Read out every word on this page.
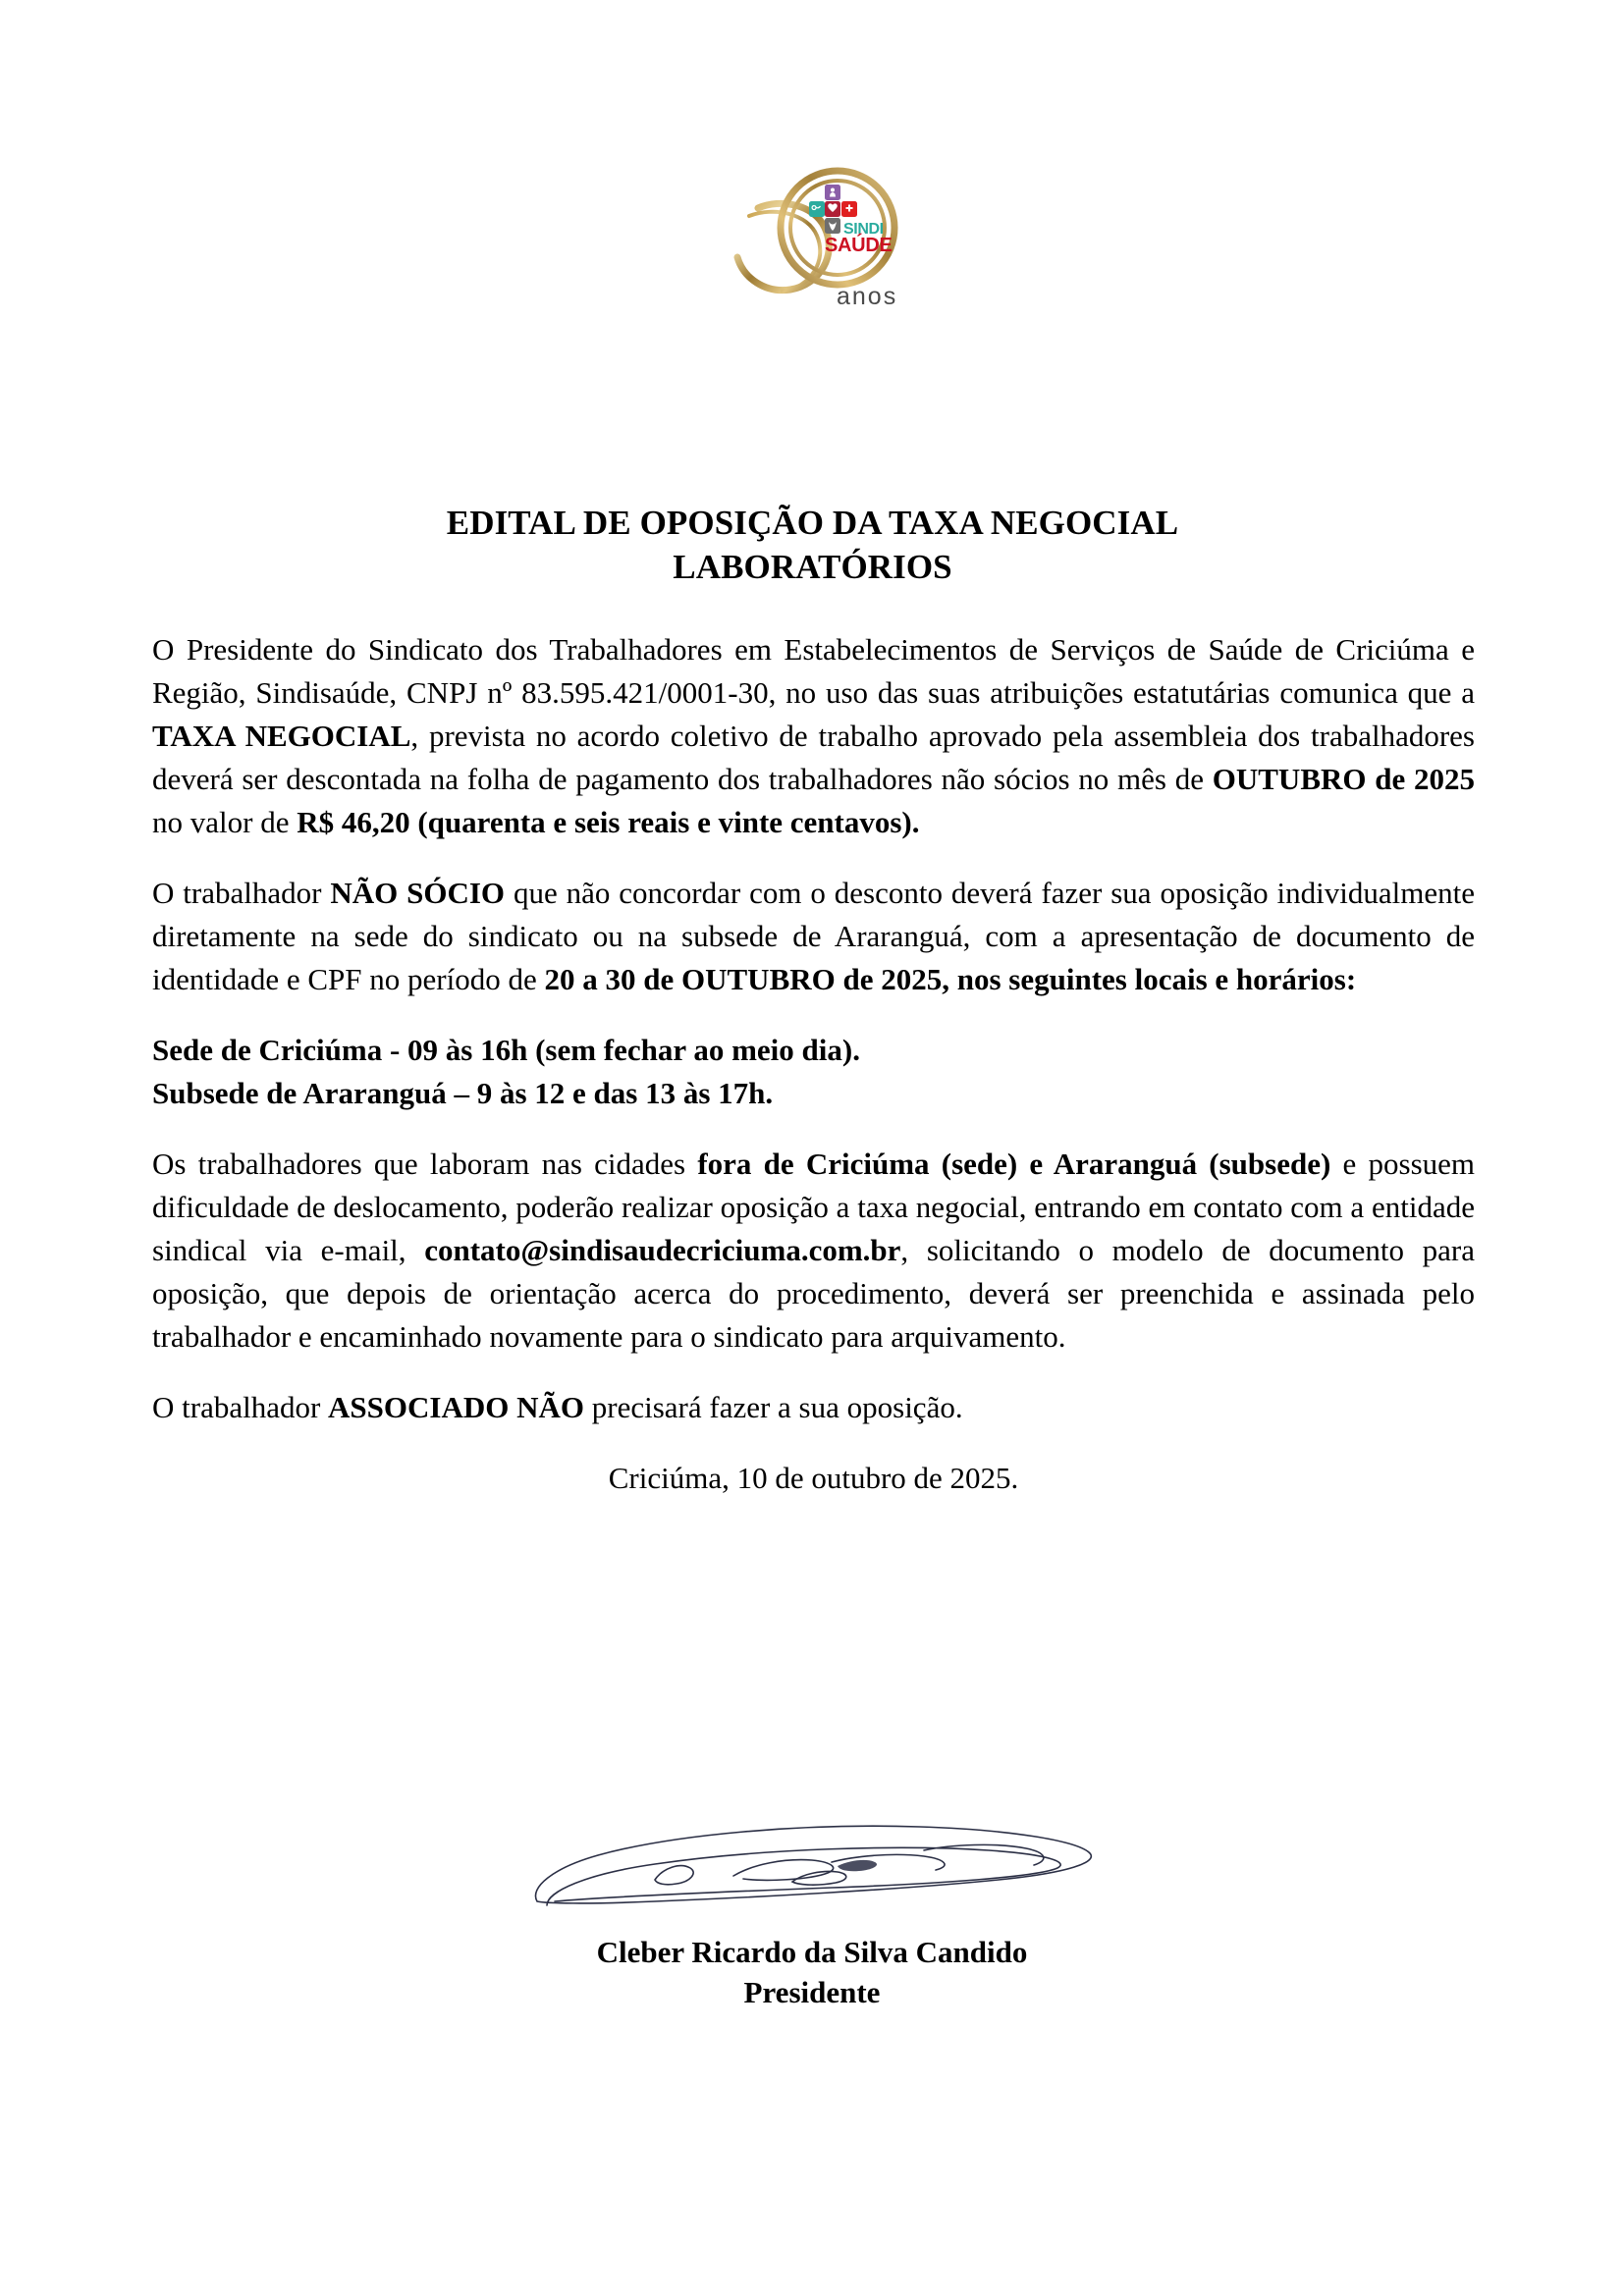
SINDI
SAÚDE
anos
EDITAL DE OPOSIÇÃO DA TAXA NEGOCIAL
LABORATÓRIOS

O Presidente do Sindicato dos Trabalhadores em Estabelecimentos de Serviços de Saúde de Criciúma e Região, Sindisaúde, CNPJ nº 83.595.421/0001-30, no uso das suas atribuições estatutárias comunica que a TAXA NEGOCIAL, prevista no acordo coletivo de trabalho aprovado pela assembleia dos trabalhadores deverá ser descontada na folha de pagamento dos trabalhadores não sócios no mês de OUTUBRO de 2025 no valor de R$ 46,20 (quarenta e seis reais e vinte centavos).

O trabalhador NÃO SÓCIO que não concordar com o desconto deverá fazer sua oposição individualmente diretamente na sede do sindicato ou na subsede de Araranguá, com a apresentação de documento de identidade e CPF no período de 20 a 30 de OUTUBRO de 2025, nos seguintes locais e horários:

Sede de Criciúma - 09 às 16h (sem fechar ao meio dia).
Subsede de Araranguá – 9 às 12 e das 13 às 17h.

Os trabalhadores que laboram nas cidades fora de Criciúma (sede) e Araranguá (subsede) e possuem dificuldade de deslocamento, poderão realizar oposição a taxa negocial, entrando em contato com a entidade sindical via e-mail, contato@sindisaudecriciuma.com.br, solicitando o modelo de documento para oposição, que depois de orientação acerca do procedimento, deverá ser preenchida e assinada pelo trabalhador e encaminhado novamente para o sindicato para arquivamento.

O trabalhador ASSOCIADO NÃO precisará fazer a sua oposição.

Criciúma, 10 de outubro de 2025.

Cleber Ricardo da Silva Candido
Presidente
